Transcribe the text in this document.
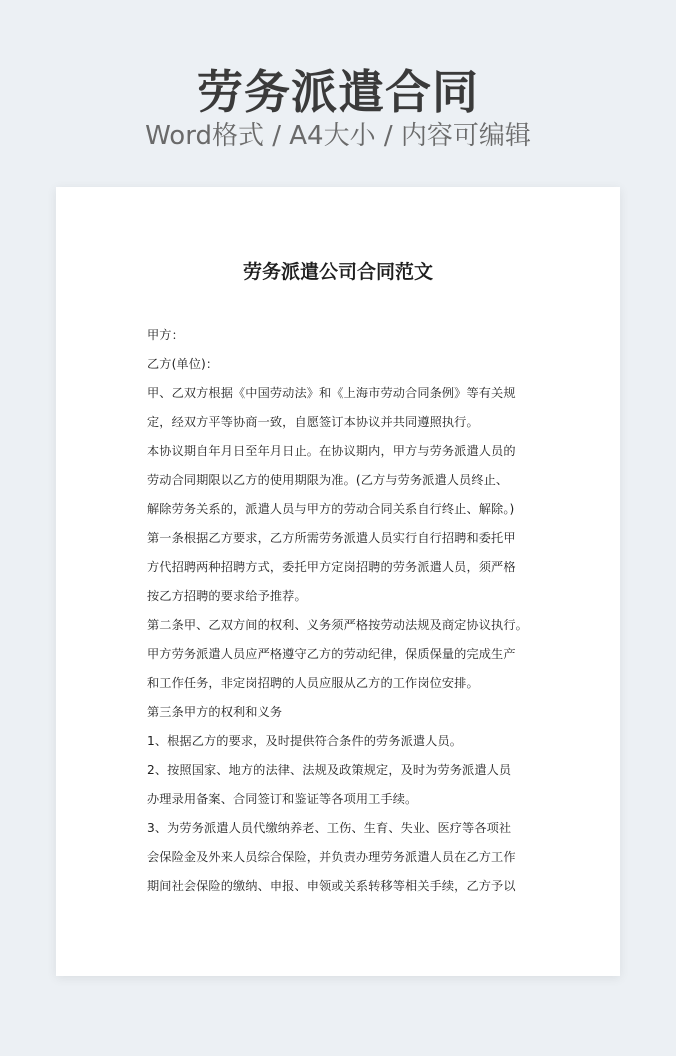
劳务派遣合同
Word格式 / A4大小 / 内容可编辑
劳务派遣公司合同范文
甲方：
乙方(单位)：
甲、乙双方根据《中国劳动法》和《上海市劳动合同条例》等有关规
定，经双方平等协商一致，自愿签订本协议并共同遵照执行。
本协议期自年月日至年月日止。在协议期内，甲方与劳务派遣人员的
劳动合同期限以乙方的使用期限为准。(乙方与劳务派遣人员终止、
解除劳务关系的，派遣人员与甲方的劳动合同关系自行终止、解除。)
第一条根据乙方要求，乙方所需劳务派遣人员实行自行招聘和委托甲
方代招聘两种招聘方式，委托甲方定岗招聘的劳务派遣人员，须严格
按乙方招聘的要求给予推荐。
第二条甲、乙双方间的权利、义务须严格按劳动法规及商定协议执行。
甲方劳务派遣人员应严格遵守乙方的劳动纪律，保质保量的完成生产
和工作任务，非定岗招聘的人员应服从乙方的工作岗位安排。
第三条甲方的权利和义务
1、根据乙方的要求，及时提供符合条件的劳务派遣人员。
2、按照国家、地方的法律、法规及政策规定，及时为劳务派遣人员
办理录用备案、合同签订和鉴证等各项用工手续。
3、为劳务派遣人员代缴纳养老、工伤、生育、失业、医疗等各项社
会保险金及外来人员综合保险，并负责办理劳务派遣人员在乙方工作
期间社会保险的缴纳、申报、申领或关系转移等相关手续，乙方予以
